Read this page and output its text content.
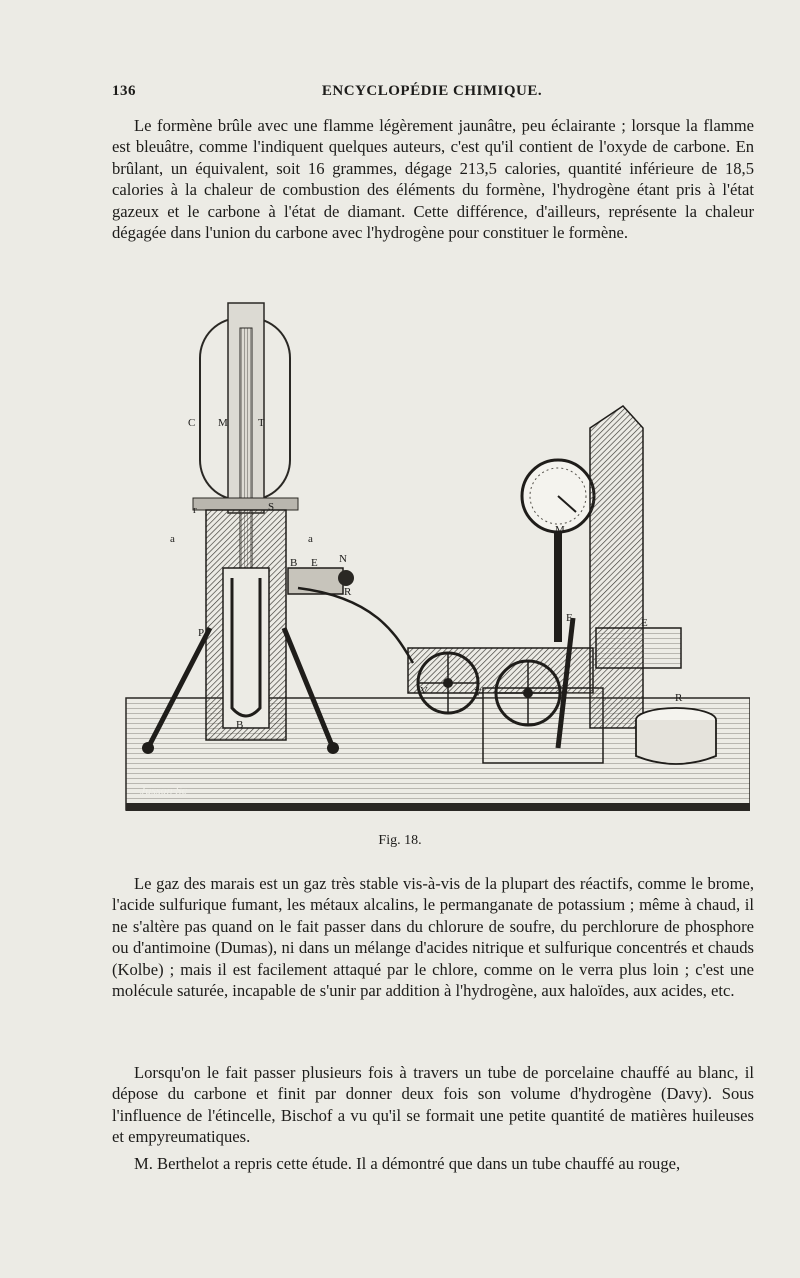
136	ENCYCLOPÉDIE CHIMIQUE.

Le formène brûle avec une flamme légèrement jaunâtre, peu éclairante ; lorsque la flamme est bleuâtre, comme l'indiquent quelques auteurs, c'est qu'il contient de l'oxyde de carbone. En brûlant, un équivalent, soit 16 grammes, dégage 213,5 calories, quantité inférieure de 18,5 calories à la chaleur de combustion des éléments du formène, l'hydrogène étant pris à l'état gazeux et le carbone à l'état de diamant. Cette différence, d'ailleurs, représente la chaleur dégagée dans l'union du carbone avec l'hydrogène pour constituer le formène.

C M	T
r	S
B E N
R
P
B
E	E
V	V	R
M
a	a
Jusson Sc
Fig. 18.

Le gaz des marais est un gaz très stable vis-à-vis de la plupart des réactifs, comme le brome, l'acide sulfurique fumant, les métaux alcalins, le permanganate de potassium ; même à chaud, il ne s'altère pas quand on le fait passer dans du chlorure de soufre, du perchlorure de phosphore ou d'antimoine (Dumas), ni dans un mélange d'acides nitrique et sulfurique concentrés et chauds (Kolbe) ; mais il est facilement attaqué par le chlore, comme on le verra plus loin ; c'est une molécule saturée, incapable de s'unir par addition à l'hydrogène, aux haloïdes, aux acides, etc.

Lorsqu'on le fait passer plusieurs fois à travers un tube de porcelaine chauffé au blanc, il dépose du carbone et finit par donner deux fois son volume d'hydrogène (Davy). Sous l'influence de l'étincelle, Bischof a vu qu'il se formait une petite quantité de matières huileuses et empyreumatiques.

M. Berthelot a repris cette étude. Il a démontré que dans un tube chauffé au rouge,
